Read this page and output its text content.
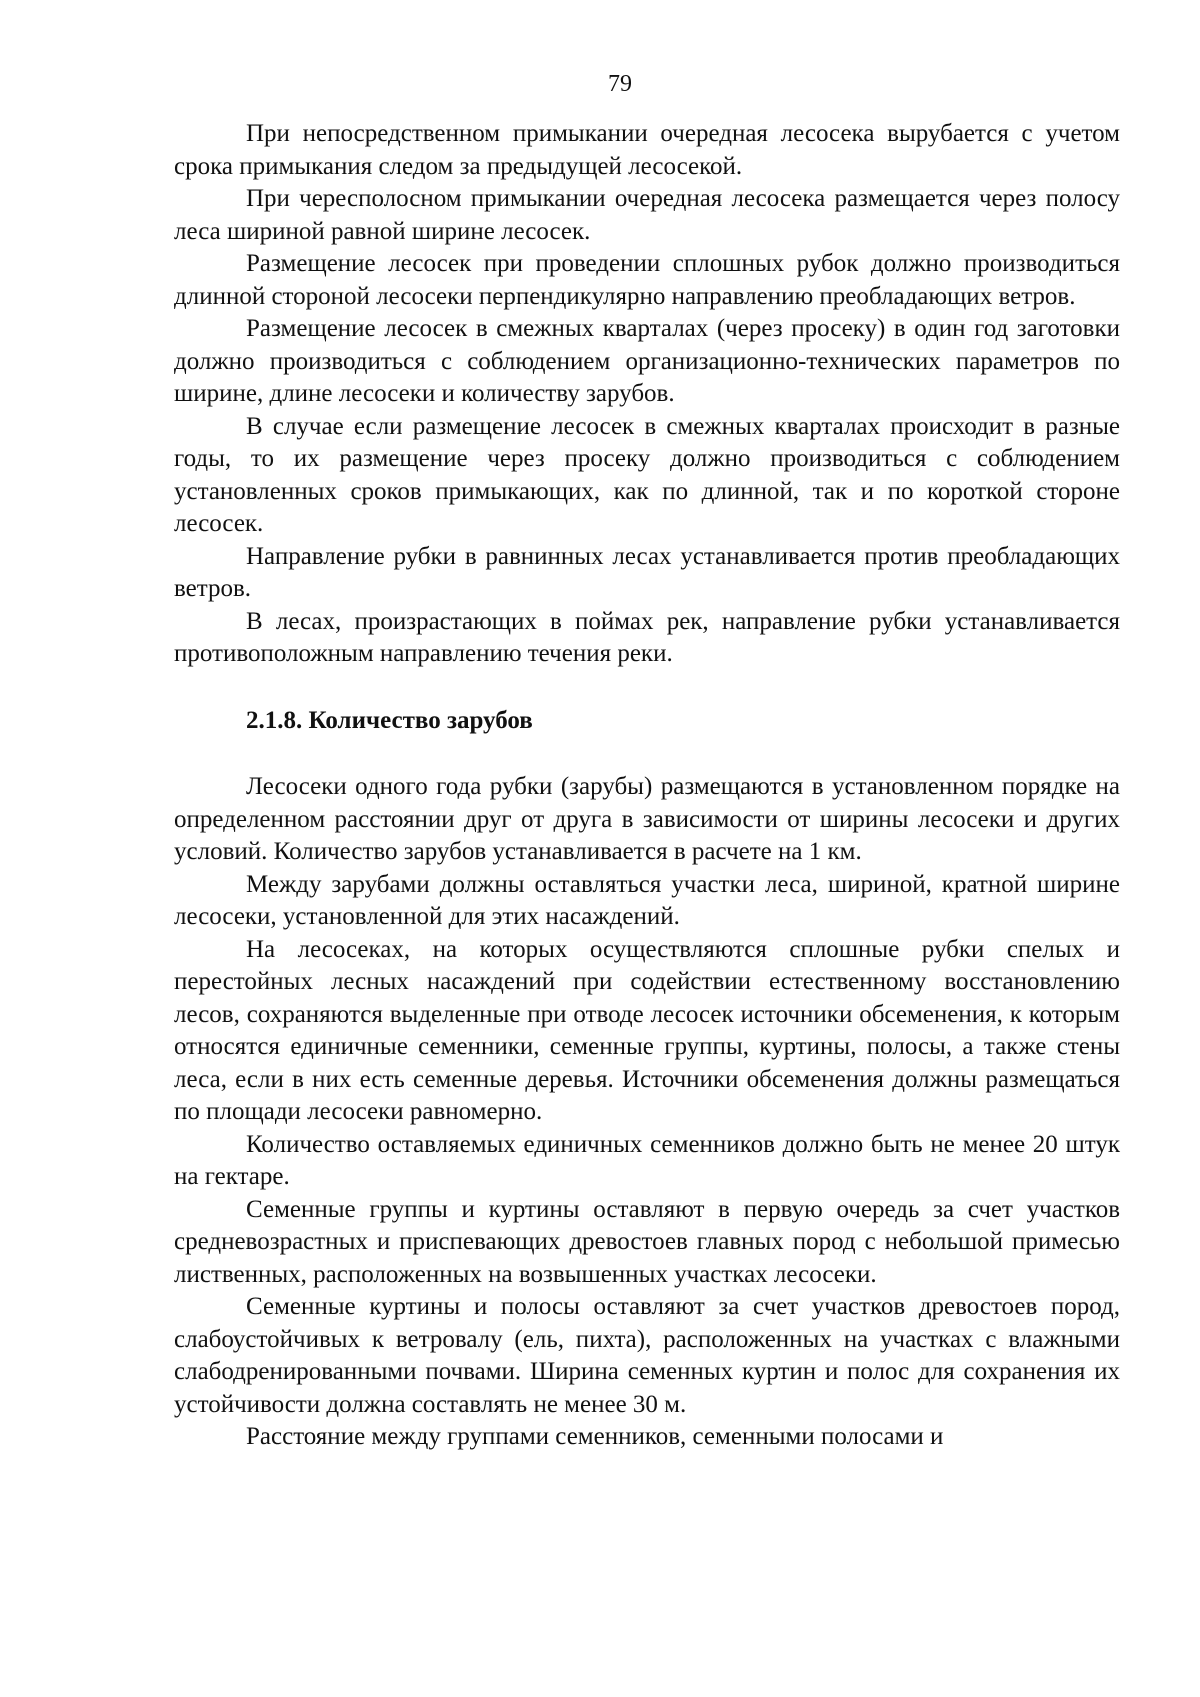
79

При непосредственном примыкании очередная лесосека вырубается с учетом срока примыкания следом за предыдущей лесосекой.

При чересполосном примыкании очередная лесосека размещается через полосу леса шириной равной ширине лесосек.

Размещение лесосек при проведении сплошных рубок должно производиться длинной стороной лесосеки перпендикулярно направлению преобладающих ветров.

Размещение лесосек в смежных кварталах (через просеку) в один год заготовки должно производиться с соблюдением организационно-технических параметров по ширине, длине лесосеки и количеству зарубов.

В случае если размещение лесосек в смежных кварталах происходит в разные годы, то их размещение через просеку должно производиться с соблюдением установленных сроков примыкающих, как по длинной, так и по короткой стороне лесосек.

Направление рубки в равнинных лесах устанавливается против преобладающих ветров.

В лесах, произрастающих в поймах рек, направление рубки устанавливается противоположным направлению течения реки.

2.1.8. Количество зарубов

Лесосеки одного года рубки (зарубы) размещаются в установленном порядке на определенном расстоянии друг от друга в зависимости от ширины лесосеки и других условий. Количество зарубов устанавливается в расчете на 1 км.

Между зарубами должны оставляться участки леса, шириной, кратной ширине лесосеки, установленной для этих насаждений.

На лесосеках, на которых осуществляются сплошные рубки спелых и перестойных лесных насаждений при содействии естественному восстановлению лесов, сохраняются выделенные при отводе лесосек источники обсеменения, к которым относятся единичные семенники, семенные группы, куртины, полосы, а также стены леса, если в них есть семенные деревья. Источники обсеменения должны размещаться по площади лесосеки равномерно.

Количество оставляемых единичных семенников должно быть не менее 20 штук на гектаре.

Семенные группы и куртины оставляют в первую очередь за счет участков средневозрастных и приспевающих древостоев главных пород с небольшой примесью лиственных, расположенных на возвышенных участках лесосеки.

Семенные куртины и полосы оставляют за счет участков древостоев пород, слабоустойчивых к ветровалу (ель, пихта), расположенных на участках с влажными слабодренированными почвами. Ширина семенных куртин и полос для сохранения их устойчивости должна составлять не менее 30 м.

Расстояние между группами семенников, семенными полосами и
